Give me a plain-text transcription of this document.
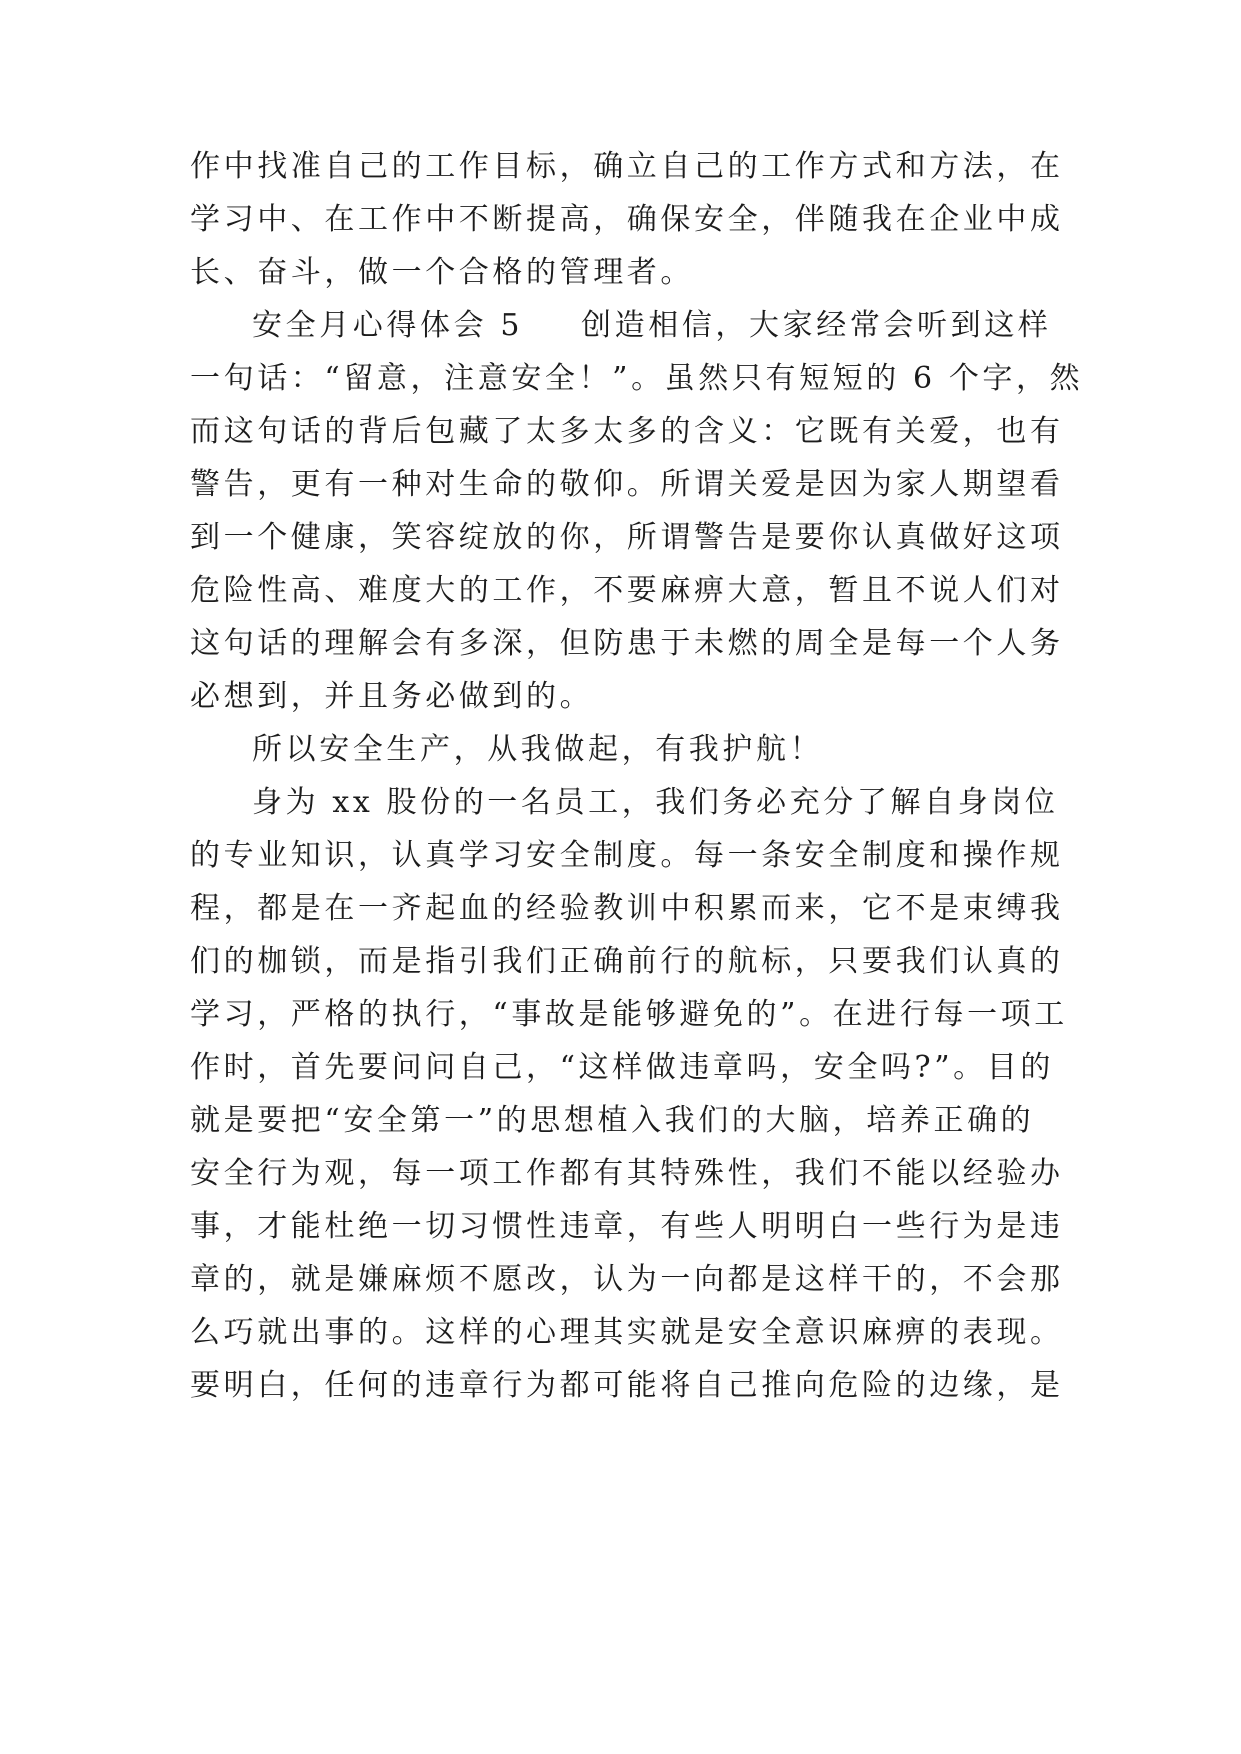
作中找准自己的工作目标，确立自己的工作方式和方法，在
学习中、在工作中不断提高，确保安全，伴随我在企业中成
长、奋斗，做一个合格的管理者。
安全月心得体会 5 创造相信，大家经常会听到这样
一句话：“留意，注意安全！”。虽然只有短短的 6 个字，然
而这句话的背后包藏了太多太多的含义：它既有关爱，也有
警告，更有一种对生命的敬仰。所谓关爱是因为家人期望看
到一个健康，笑容绽放的你，所谓警告是要你认真做好这项
危险性高、难度大的工作，不要麻痹大意，暂且不说人们对
这句话的理解会有多深，但防患于未燃的周全是每一个人务
必想到，并且务必做到的。
所以安全生产，从我做起，有我护航！
身为 xx 股份的一名员工，我们务必充分了解自身岗位
的专业知识，认真学习安全制度。每一条安全制度和操作规
程，都是在一齐起血的经验教训中积累而来，它不是束缚我
们的枷锁，而是指引我们正确前行的航标，只要我们认真的
学习，严格的执行，“事故是能够避免的”。在进行每一项工
作时，首先要问问自己，“这样做违章吗，安全吗?”。目的
就是要把“安全第一”的思想植入我们的大脑，培养正确的
安全行为观，每一项工作都有其特殊性，我们不能以经验办
事，才能杜绝一切习惯性违章，有些人明明白一些行为是违
章的，就是嫌麻烦不愿改，认为一向都是这样干的，不会那
么巧就出事的。这样的心理其实就是安全意识麻痹的表现。
要明白，任何的违章行为都可能将自己推向危险的边缘，是
